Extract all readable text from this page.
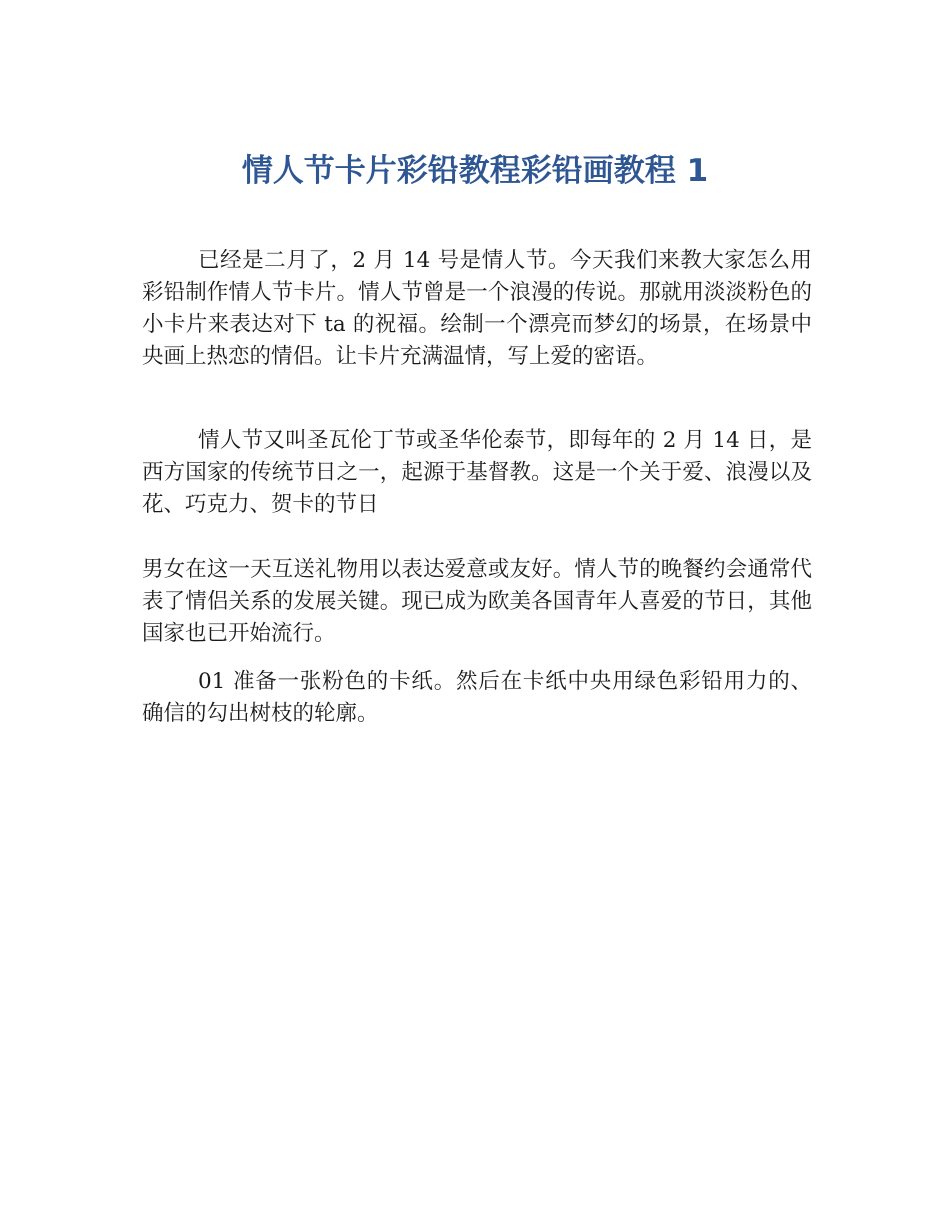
情人节卡片彩铅教程彩铅画教程 1

已经是二月了，2 月 14 号是情人节。今天我们来教大家怎么用彩铅制作情人节卡片。情人节曾是一个浪漫的传说。那就用淡淡粉色的小卡片来表达对下 ta 的祝福。绘制一个漂亮而梦幻的场景，在场景中央画上热恋的情侣。让卡片充满温情，写上爱的密语。

情人节又叫圣瓦伦丁节或圣华伦泰节，即每年的 2 月 14 日，是西方国家的传统节日之一，起源于基督教。这是一个关于爱、浪漫以及花、巧克力、贺卡的节日

男女在这一天互送礼物用以表达爱意或友好。情人节的晚餐约会通常代表了情侣关系的发展关键。现已成为欧美各国青年人喜爱的节日，其他国家也已开始流行。

01 准备一张粉色的卡纸。然后在卡纸中央用绿色彩铅用力的、确信的勾出树枝的轮廓。
